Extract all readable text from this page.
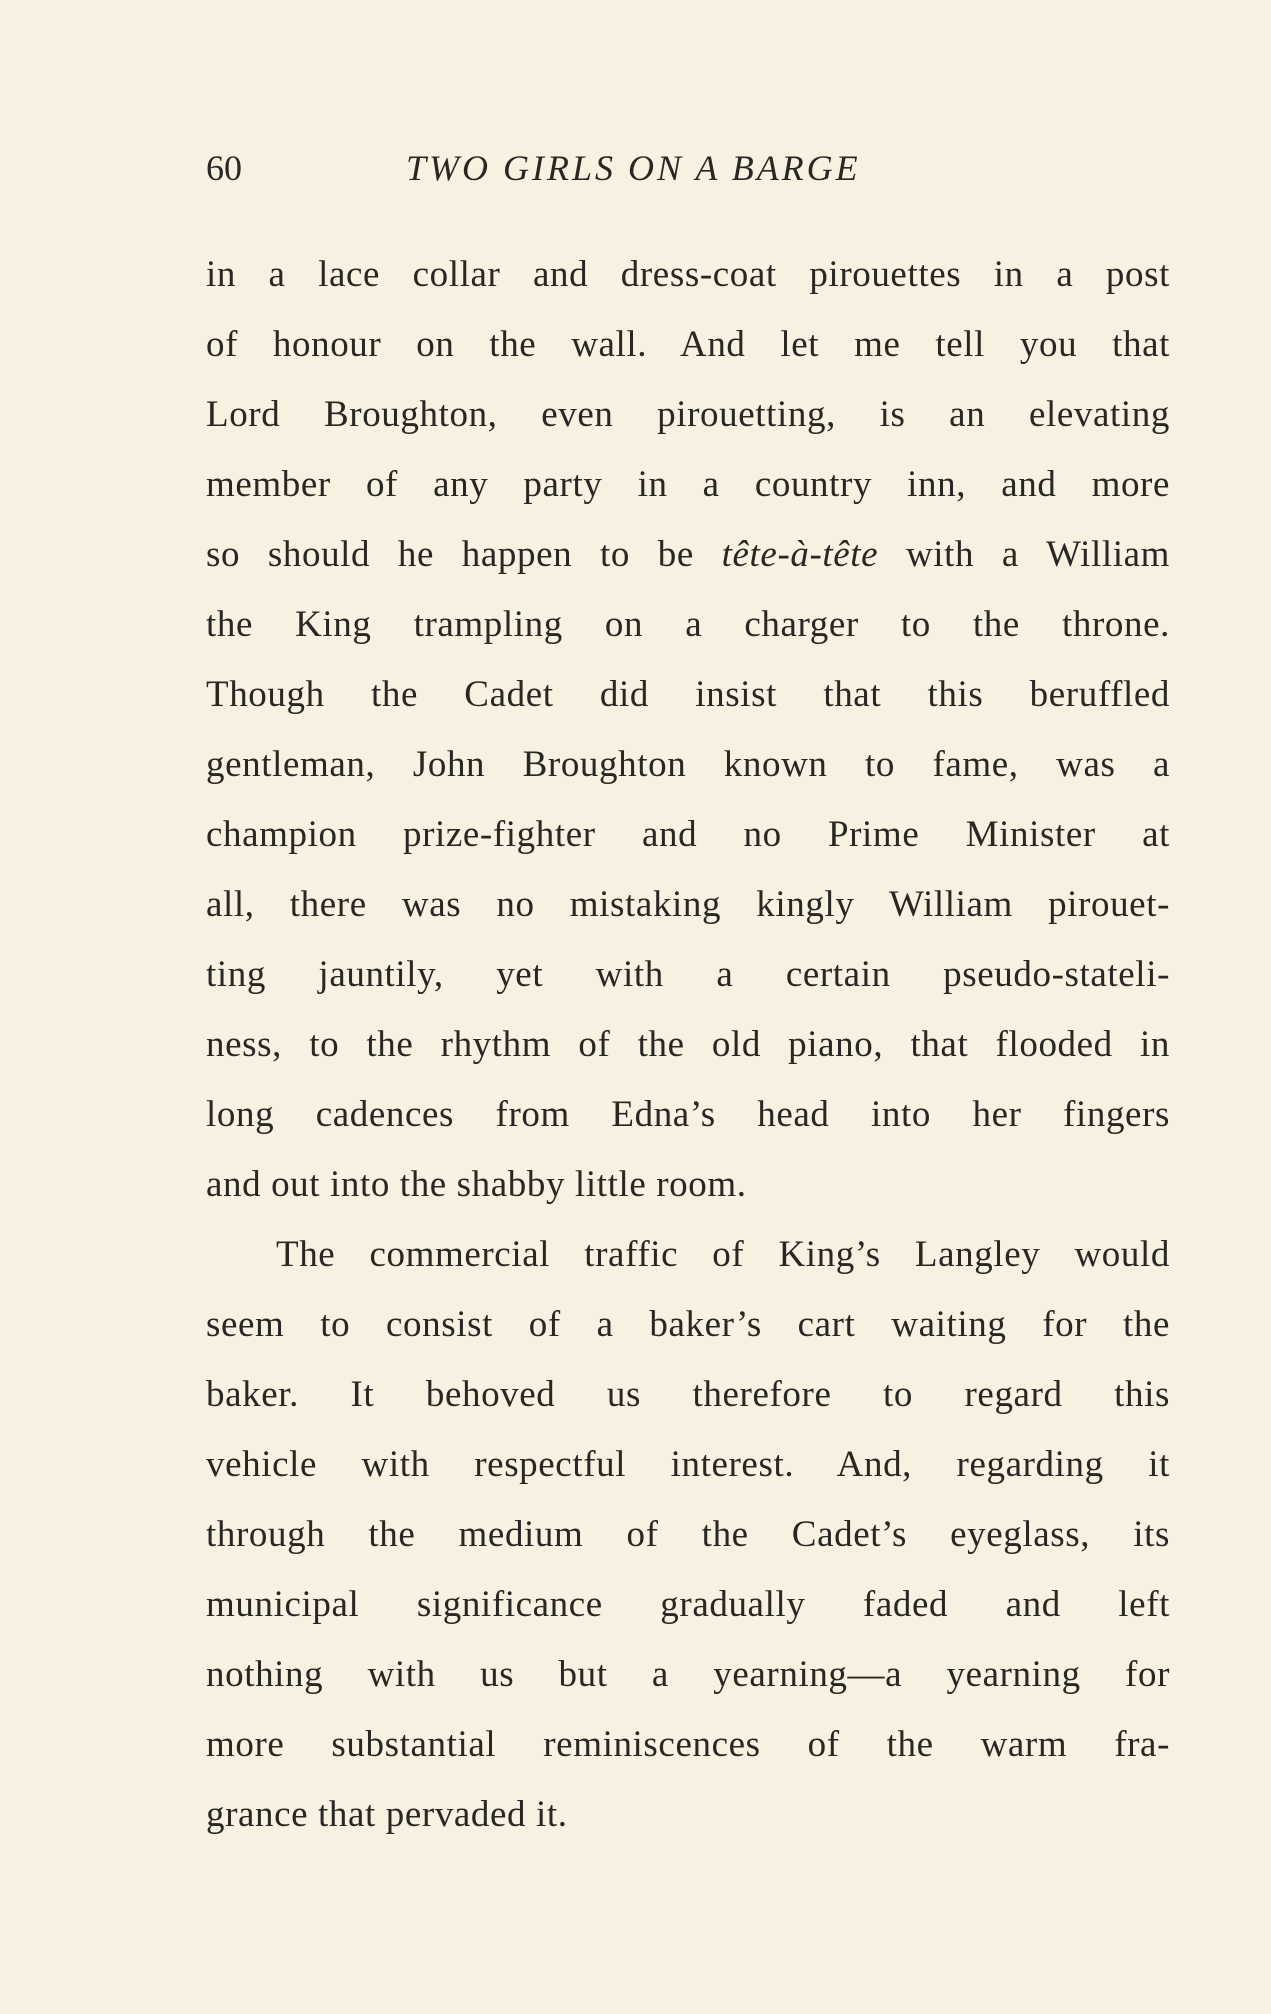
60	TWO GIRLS ON A BARGE
in a lace collar and dress-coat pirouettes in a post
of honour on the wall. And let me tell you that
Lord Broughton, even pirouetting, is an elevating
member of any party in a country inn, and more
so should he happen to be tête-à-tête with a William
the King trampling on a charger to the throne.
Though the Cadet did insist that this beruffled
gentleman, John Broughton known to fame, was a
champion prize-fighter and no Prime Minister at
all, there was no mistaking kingly William pirouet-
ting jauntily, yet with a certain pseudo-stateli-
ness, to the rhythm of the old piano, that flooded in
long cadences from Edna’s head into her fingers
and out into the shabby little room.
The commercial traffic of King’s Langley would
seem to consist of a baker’s cart waiting for the
baker. It behoved us therefore to regard this
vehicle with respectful interest. And, regarding it
through the medium of the Cadet’s eyeglass, its
municipal significance gradually faded and left
nothing with us but a yearning—a yearning for
more substantial reminiscences of the warm fra-
grance that pervaded it.
